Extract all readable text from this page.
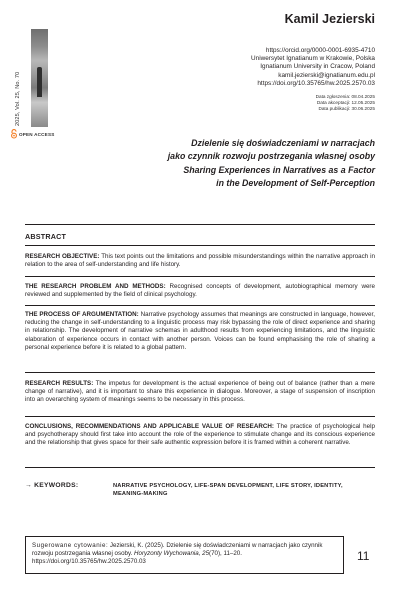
2025, Vol. 25, No. 70
OPEN ACCESS
Kamil Jezierski
https://orcid.org/0000-0001-6935-4710
Uniwersytet Ignatianum w Krakowie, Polska
Ignatianum University in Cracow, Poland
kamil.jezierski@ignatianum.edu.pl
https://doi.org/10.35765/hw.2025.2570.03
Data zgłoszenia: 08.04.2025
Data akceptacji: 12.05.2025
Data publikacji: 30.06.2025
Dzielenie się doświadczeniami w narracjach
jako czynnik rozwoju postrzegania własnej osoby
Sharing Experiences in Narratives as a Factor
in the Development of Self-Perception
ABSTRACT
RESEARCH OBJECTIVE: This text points out the limitations and possible misunderstandings within the narrative approach in relation to the area of self-understanding and life history.
THE RESEARCH PROBLEM AND METHODS: Recognised concepts of development, autobiographical memory were reviewed and supplemented by the field of clinical psychology.
THE PROCESS OF ARGUMENTATION: Narrative psychology assumes that meanings are constructed in language, however, reducing the change in self-understanding to a linguistic process may risk bypassing the role of direct experience and sharing in relationship. The development of narrative schemas in adulthood results from experiencing limitations, and the linguistic elaboration of experience occurs in contact with another person. Voices can be found emphasising the role of sharing a personal experience before it is related to a global pattern.
RESEARCH RESULTS: The impetus for development is the actual experience of being out of balance (rather than a mere change of narrative), and it is important to share this experience in dialogue. Moreover, a stage of suspension of inscription into an overarching system of meanings seems to be necessary in this process.
CONCLUSIONS, RECOMMENDATIONS AND APPLICABLE VALUE OF RESEARCH: The practice of psychological help and psychotherapy should first take into account the role of the experience to stimulate change and its conscious experience and the relationship that gives space for their safe authentic expression before it is framed within a coherent narrative.
→ KEYWORDS:	NARRATIVE PSYCHOLOGY, LIFE-SPAN DEVELOPMENT, LIFE STORY, IDENTITY, MEANING-MAKING
Sugerowane cytowanie: Jezierski, K. (2025). Dzielenie się doświadczeniami w narracjach jako czynnik rozwoju postrzegania własnej osoby. Horyzonty Wychowania, 25(70), 11–20. https://doi.org/10.35765/hw.2025.2570.03	11
